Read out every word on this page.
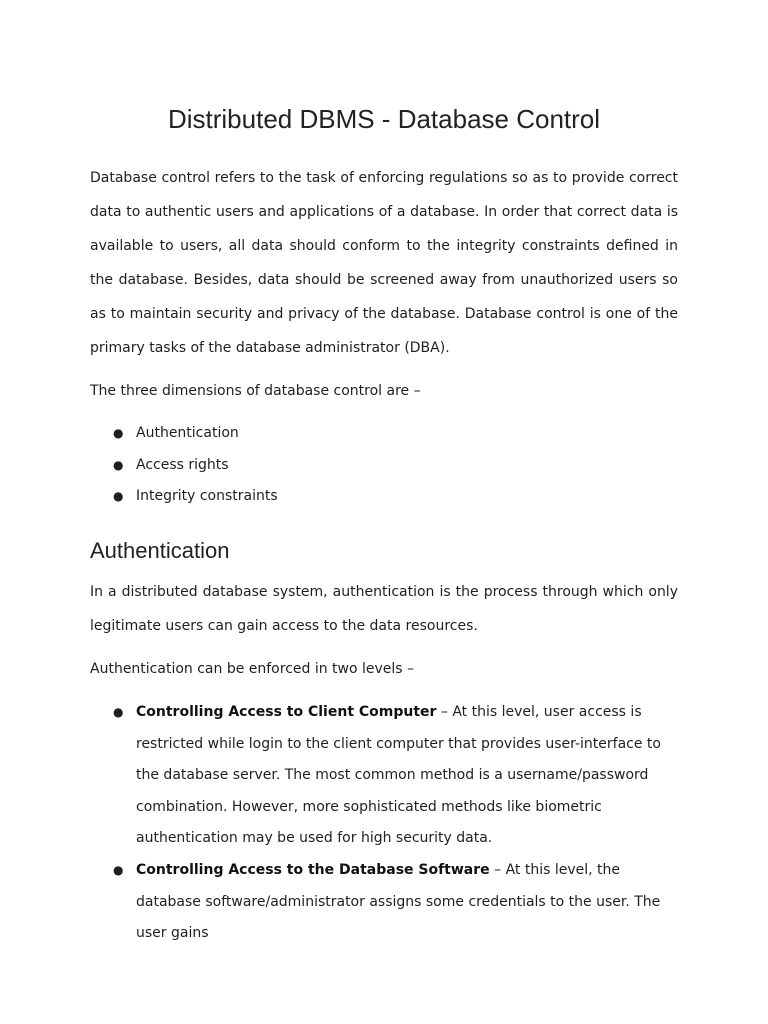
Distributed DBMS - Database Control

Database control refers to the task of enforcing regulations so as to provide correct data to authentic users and applications of a database. In order that correct data is available to users, all data should conform to the integrity constraints defined in the database. Besides, data should be screened away from unauthorized users so as to maintain security and privacy of the database. Database control is one of the primary tasks of the database administrator (DBA).

The three dimensions of database control are –

● Authentication
● Access rights
● Integrity constraints
Authentication

In a distributed database system, authentication is the process through which only legitimate users can gain access to the data resources.

Authentication can be enforced in two levels –

● Controlling Access to Client Computer – At this level, user access is restricted while login to the client computer that provides user-interface to the database server. The most common method is a username/password combination. However, more sophisticated methods like biometric authentication may be used for high security data.
● Controlling Access to the Database Software – At this level, the database software/administrator assigns some credentials to the user. The user gains
